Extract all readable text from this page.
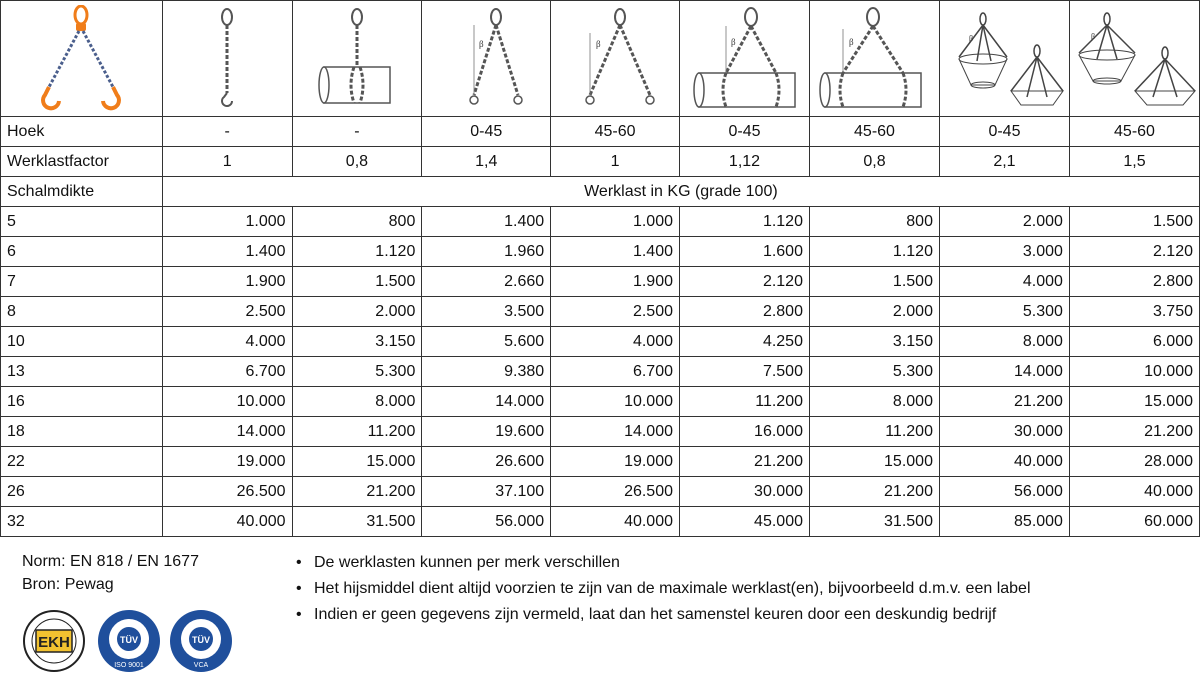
β	β	β	β	β	β

Hoek	-	-	0-45	45-60	0-45	45-60	0-45	45-60
Werklastfactor	1	0,8	1,4	1	1,12	0,8	2,1	1,5
Schalmdikte	Werklast in KG (grade 100)							
5	1.000	800	1.400	1.000	1.120	800	2.000	1.500
6	1.400	1.120	1.960	1.400	1.600	1.120	3.000	2.120
7	1.900	1.500	2.660	1.900	2.120	1.500	4.000	2.800
8	2.500	2.000	3.500	2.500	2.800	2.000	5.300	3.750
10	4.000	3.150	5.600	4.000	4.250	3.150	8.000	6.000
13	6.700	5.300	9.380	6.700	7.500	5.300	14.000	10.000
16	10.000	8.000	14.000	10.000	11.200	8.000	21.200	15.000
18	14.000	11.200	19.600	14.000	16.000	11.200	30.000	21.200
22	19.000	15.000	26.600	19.000	21.200	15.000	40.000	28.000
26	26.500	21.200	37.100	26.500	30.000	21.200	56.000	40.000
32	40.000	31.500	56.000	40.000	45.000	31.500	85.000	60.000
Norm: EN 818 / EN 1677
Bron: Pewag
• De werklasten kunnen per merk verschillen
• Het hijsmiddel dient altijd voorzien te zijn van de maximale werklast(en), bijvoorbeeld d.m.v. een label
• Indien er geen gegevens zijn vermeld, laat dan het samenstel keuren door een deskundig bedrijf
EKH	TÜV
ISO 9001
TÜV
VCA
